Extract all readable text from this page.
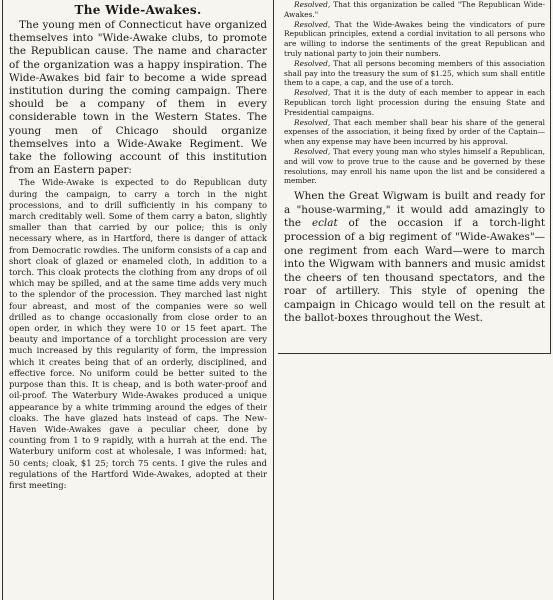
The Wide-Awakes.

The young men of Connecticut have organized themselves into "Wide-Awake clubs, to promote the Republican cause. The name and character of the organization was a happy inspiration. The Wide-Awakes bid fair to become a wide spread institution during the coming campaign. There should be a company of them in every considerable town in the Western States. The young men of Chicago should organize themselves into a Wide-Awake Regiment. We take the following account of this institution from an Eastern paper:

The Wide-Awake is expected to do Republican duty during the campaign, to carry a torch in the night processions, and to drill sufficiently in his company to march creditably well. Some of them carry a baton, slightly smaller than that carried by our police; this is only necessary where, as in Hartford, there is danger of attack from Democratic rowdies. The uniform consists of a cap and short cloak of glazed or enameled cloth, in addition to a torch. This cloak protects the clothing from any drops of oil which may be spilled, and at the same time adds very much to the splendor of the procession. They marched last night four abreast, and most of the companies were so well drilled as to change occasionally from close order to an open order, in which they were 10 or 15 feet apart. The beauty and importance of a torchlight procession are very much increased by this regularity of form, the impression which it creates being that of an orderly, disciplined, and effective force. No uniform could be better suited to the purpose than this. It is cheap, and is both water-proof and oil-proof. The Waterbury Wide-Awakes produced a unique appearance by a white trimming around the edges of their cloaks. The have glazed hats instead of caps. The New-Haven Wide-Awakes gave a peculiar cheer, done by counting from 1 to 9 rapidly, with a hurrah at the end. The Waterbury uniform cost at wholesale, I was informed: hat, 50 cents; cloak, $1 25; torch 75 cents. I give the rules and regulations of the Hartford Wide-Awakes, adopted at their first meeting:

Resolved, That this organization be called "The Republican Wide-Awakes."

Resolved, That the Wide-Awakes being the vindicators of pure Republican principles, extend a cordial invitation to all persons who are willing to indorse the sentiments of the great Republican and truly national party to join their numbers.

Resolved, That all persons becoming members of this association shall pay into the treasury the sum of $1.25, which sum shall entitle them to a cape, a cap, and the use of a torch.

Resolved, That it is the duty of each member to appear in each Republican torch light procession during the ensuing State and Presidential campaigns.

Resolved, That each member shall bear his share of the general expenses of the association, it being fixed by order of the Captain—when any expense may have been incurred by his approval.

Resolved, That every young man who styles himself a Republican, and will vow to prove true to the cause and be governed by these resolutions, may enroll his name upon the list and be considered a member.

When the Great Wigwam is built and ready for a "house-warming," it would add amazingly to the eclat of the occasion if a torch-light procession of a big regiment of "Wide-Awakes"—one regiment from each Ward—were to march into the Wigwam with banners and music amidst the cheers of ten thousand spectators, and the roar of artillery. This style of opening the campaign in Chicago would tell on the result at the ballot-boxes throughout the West.
